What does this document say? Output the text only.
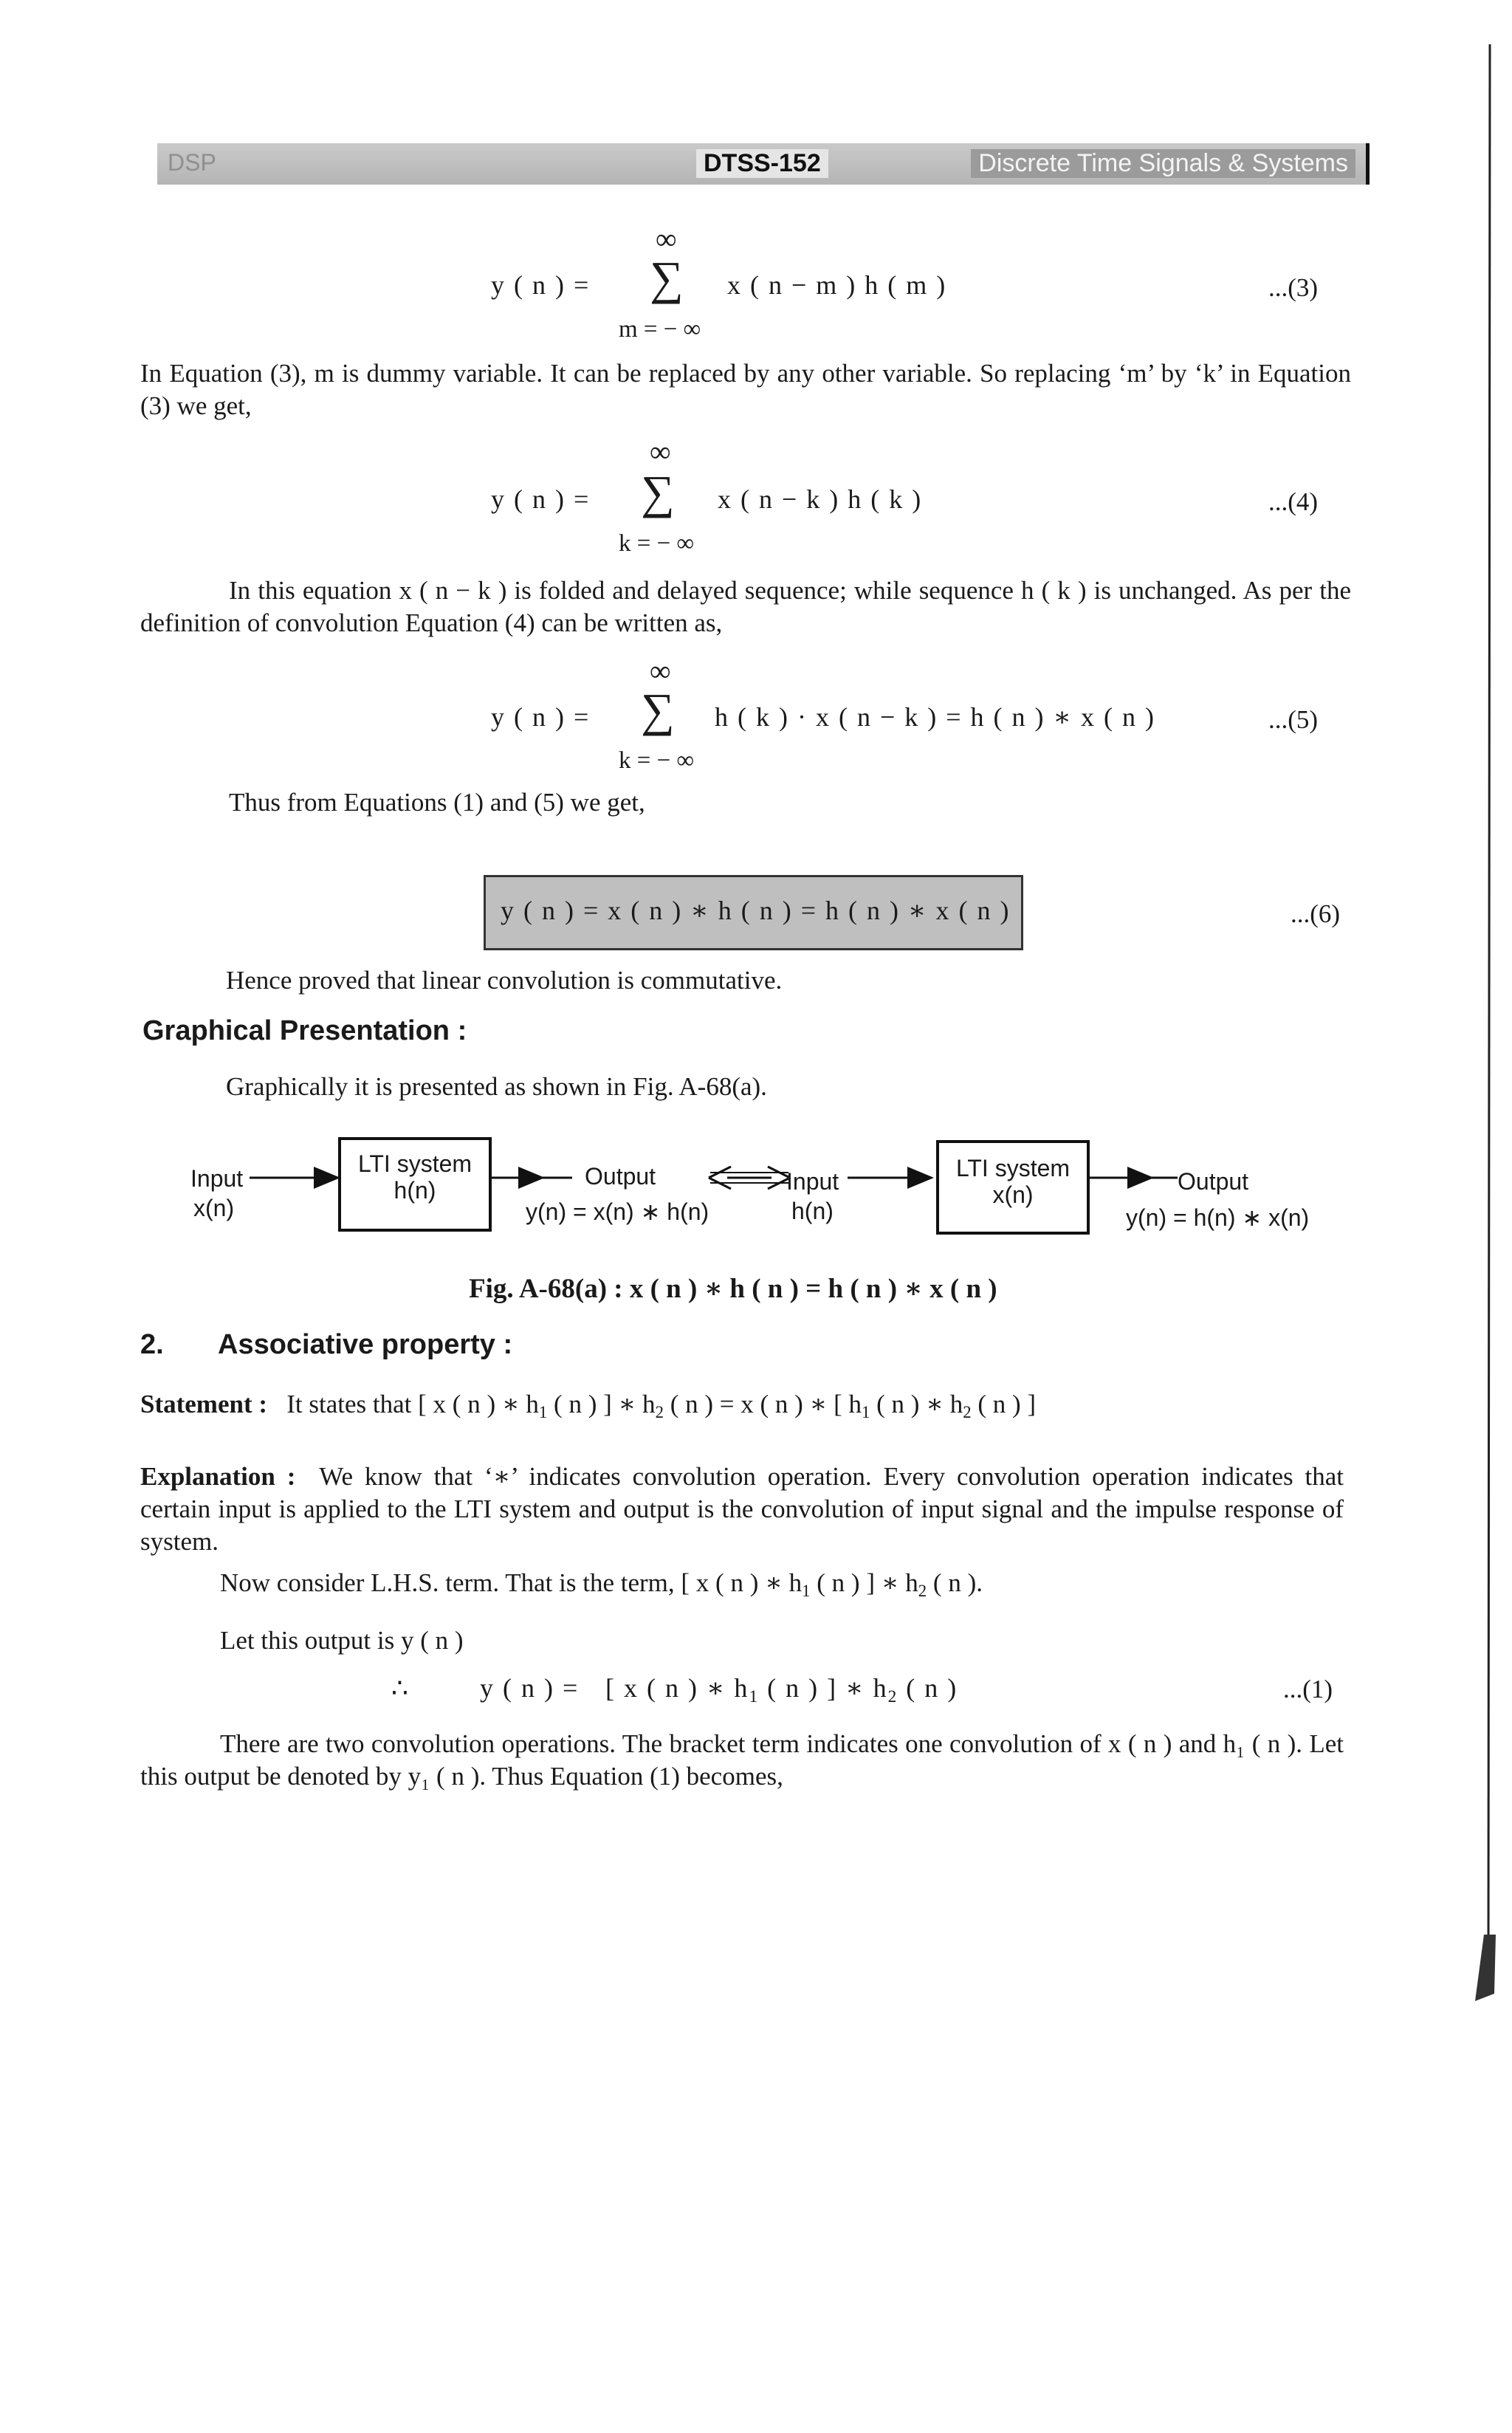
DSP	DTSS-152	Discrete Time Signals & Systems
∞
y ( n ) = ∑ x ( n − m ) h ( m )
m = − ∞
...(3)
In Equation (3), m is dummy variable. It can be replaced by any other variable. So replacing ‘m’ by ‘k’ in Equation (3) we get,
∞
y ( n ) = ∑ x ( n − k ) h ( k )
k = − ∞
...(4)
In this equation x ( n − k ) is folded and delayed sequence; while sequence h ( k ) is unchanged. As per the definition of convolution Equation (4) can be written as,
∞
y ( n ) = ∑ h ( k ) · x ( n − k ) = h ( n ) ∗ x ( n )
k = − ∞
...(5)
Thus from Equations (1) and (5) we get,
y ( n ) = x ( n ) ∗ h ( n ) = h ( n ) ∗ x ( n )	...(6)
Hence proved that linear convolution is commutative.
Graphical Presentation :
Graphically it is presented as shown in Fig. A-68(a).
Input
x(n)
LTI system
h(n)
Output
y(n) = x(n) ∗ h(n)
Input
h(n)
LTI system
x(n)	Output
y(n) = h(n) ∗ x(n)
Fig. A-68(a) : x ( n ) ∗ h ( n ) = h ( n ) ∗ x ( n )
2. Associative property :
Statement :   It states that [ x ( n ) ∗ $h_1$ ( n ) ] ∗ $h_2$ ( n ) = x ( n ) ∗ [ $h_1$ ( n ) ∗ $h_2$ ( n ) ]
Explanation : We know that ‘∗’ indicates convolution operation. Every convolution operation indicates that certain input is applied to the LTI system and output is the convolution of input signal and the impulse response of system.
Now consider L.H.S. term. That is the term, [ x ( n ) ∗ $h_1$ ( n ) ] ∗ $h_2$ ( n ).
Let this output is y ( n )
∴	y ( n ) = [ x ( n ) ∗ $h_1$ ( n ) ] ∗ $h_2$ ( n )	...(1)
There are two convolution operations. The bracket term indicates one convolution of x ( n ) and h₁ ( n ). Let this output be denoted by y₁ ( n ). Thus Equation (1) becomes,
